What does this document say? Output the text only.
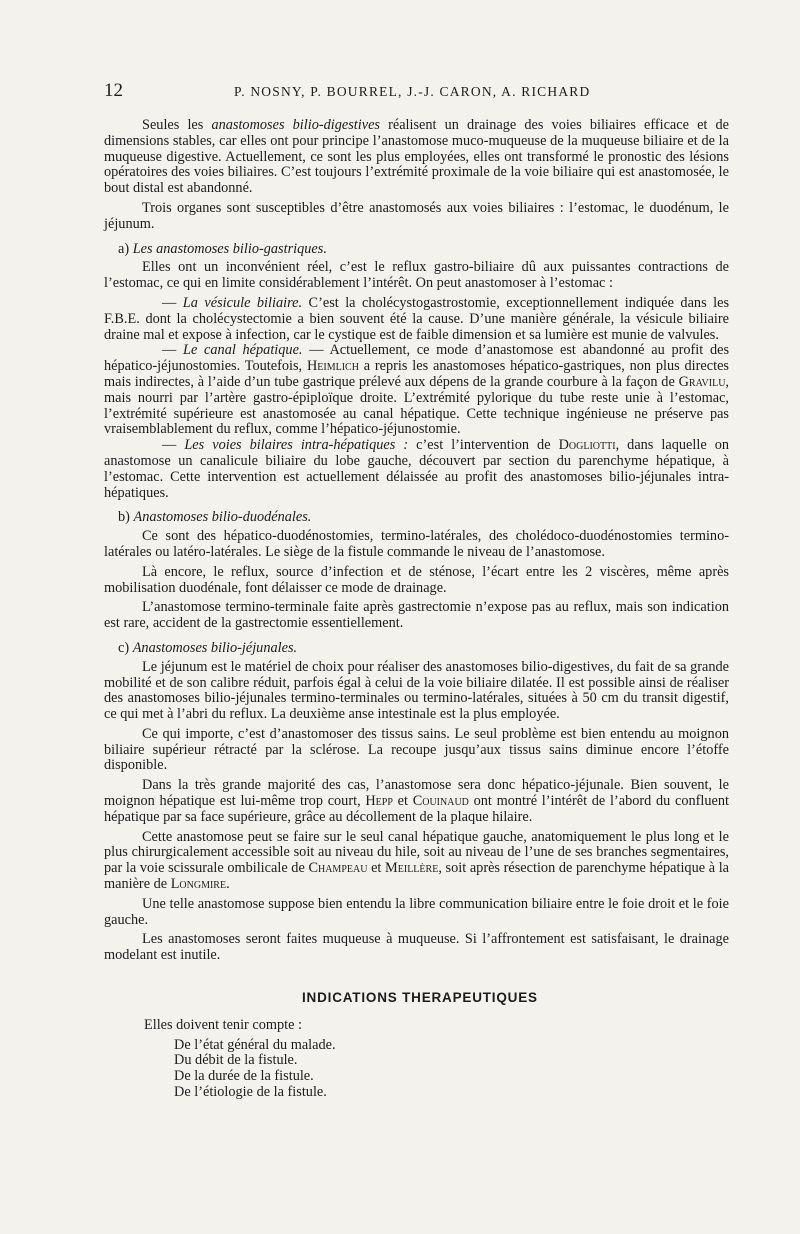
12	P. NOSNY, P. BOURREL, J.-J. CARON, A. RICHARD

Seules les anastomoses bilio-digestives réalisent un drainage des voies biliaires efficace et de dimensions stables, car elles ont pour principe l’anastomose muco-muqueuse de la muqueuse biliaire et de la muqueuse digestive. Actuellement, ce sont les plus employées, elles ont transformé le pronostic des lésions opératoires des voies biliaires. C’est toujours l’extrémité proximale de la voie biliaire qui est anastomosée, le bout distal est abandonné.

Trois organes sont susceptibles d’être anastomosés aux voies biliaires : l’estomac, le duodénum, le jéjunum.

a) Les anastomoses bilio-gastriques.

Elles ont un inconvénient réel, c’est le reflux gastro-biliaire dû aux puissantes contractions de l’estomac, ce qui en limite considérablement l’intérêt. On peut anastomoser à l’estomac :

— La vésicule biliaire. C’est la cholécystogastrostomie, exceptionnellement indiquée dans les F.B.E. dont la cholécystectomie a bien souvent été la cause. D’une manière générale, la vésicule biliaire draine mal et expose à infection, car le cystique est de faible dimension et sa lumière est munie de valvules.

— Le canal hépatique. — Actuellement, ce mode d’anastomose est abandonné au profit des hépatico-jéjunostomies. Toutefois, Heimlich a repris les anastomoses hépatico-gastriques, non plus directes mais indirectes, à l’aide d’un tube gastrique prélevé aux dépens de la grande courbure à la façon de Gravilu, mais nourri par l’artère gastro-épiploïque droite. L’extrémité pylorique du tube reste unie à l’estomac, l’extrémité supérieure est anastomosée au canal hépatique. Cette technique ingénieuse ne préserve pas vraisemblablement du reflux, comme l’hépatico-jéjunostomie.

— Les voies bilaires intra-hépatiques : c’est l’intervention de Dogliotti, dans laquelle on anastomose un canalicule biliaire du lobe gauche, découvert par section du parenchyme hépatique, à l’estomac. Cette intervention est actuellement délaissée au profit des anastomoses bilio-jéjunales intra-hépatiques.

b) Anastomoses bilio-duodénales.

Ce sont des hépatico-duodénostomies, termino-latérales, des cholédoco-duodénostomies termino-latérales ou latéro-latérales. Le siège de la fistule commande le niveau de l’anastomose.

Là encore, le reflux, source d’infection et de sténose, l’écart entre les 2 viscères, même après mobilisation duodénale, font délaisser ce mode de drainage.

L’anastomose termino-terminale faite après gastrectomie n’expose pas au reflux, mais son indication est rare, accident de la gastrectomie essentiellement.

c) Anastomoses bilio-jéjunales.

Le jéjunum est le matériel de choix pour réaliser des anastomoses bilio-digestives, du fait de sa grande mobilité et de son calibre réduit, parfois égal à celui de la voie biliaire dilatée. Il est possible ainsi de réaliser des anastomoses bilio-jéjunales termino-terminales ou termino-latérales, situées à 50 cm du transit digestif, ce qui met à l’abri du reflux. La deuxième anse intestinale est la plus employée.

Ce qui importe, c’est d’anastomoser des tissus sains. Le seul problème est bien entendu au moignon biliaire supérieur rétracté par la sclérose. La recoupe jusqu’aux tissus sains diminue encore l’étoffe disponible.

Dans la très grande majorité des cas, l’anastomose sera donc hépatico-jéjunale. Bien souvent, le moignon hépatique est lui-même trop court, Hepp et Couinaud ont montré l’intérêt de l’abord du confluent hépatique par sa face supérieure, grâce au décollement de la plaque hilaire.

Cette anastomose peut se faire sur le seul canal hépatique gauche, anatomiquement le plus long et le plus chirurgicalement accessible soit au niveau du hile, soit au niveau de l’une de ses branches segmentaires, par la voie scissurale ombilicale de Champeau et Meillère, soit après résection de parenchyme hépatique à la manière de Longmire.

Une telle anastomose suppose bien entendu la libre communication biliaire entre le foie droit et le foie gauche.

Les anastomoses seront faites muqueuse à muqueuse. Si l’affrontement est satisfaisant, le drainage modelant est inutile.

INDICATIONS THERAPEUTIQUES

Elles doivent tenir compte :

De l’état général du malade.
Du débit de la fistule.
De la durée de la fistule.
De l’étiologie de la fistule.
